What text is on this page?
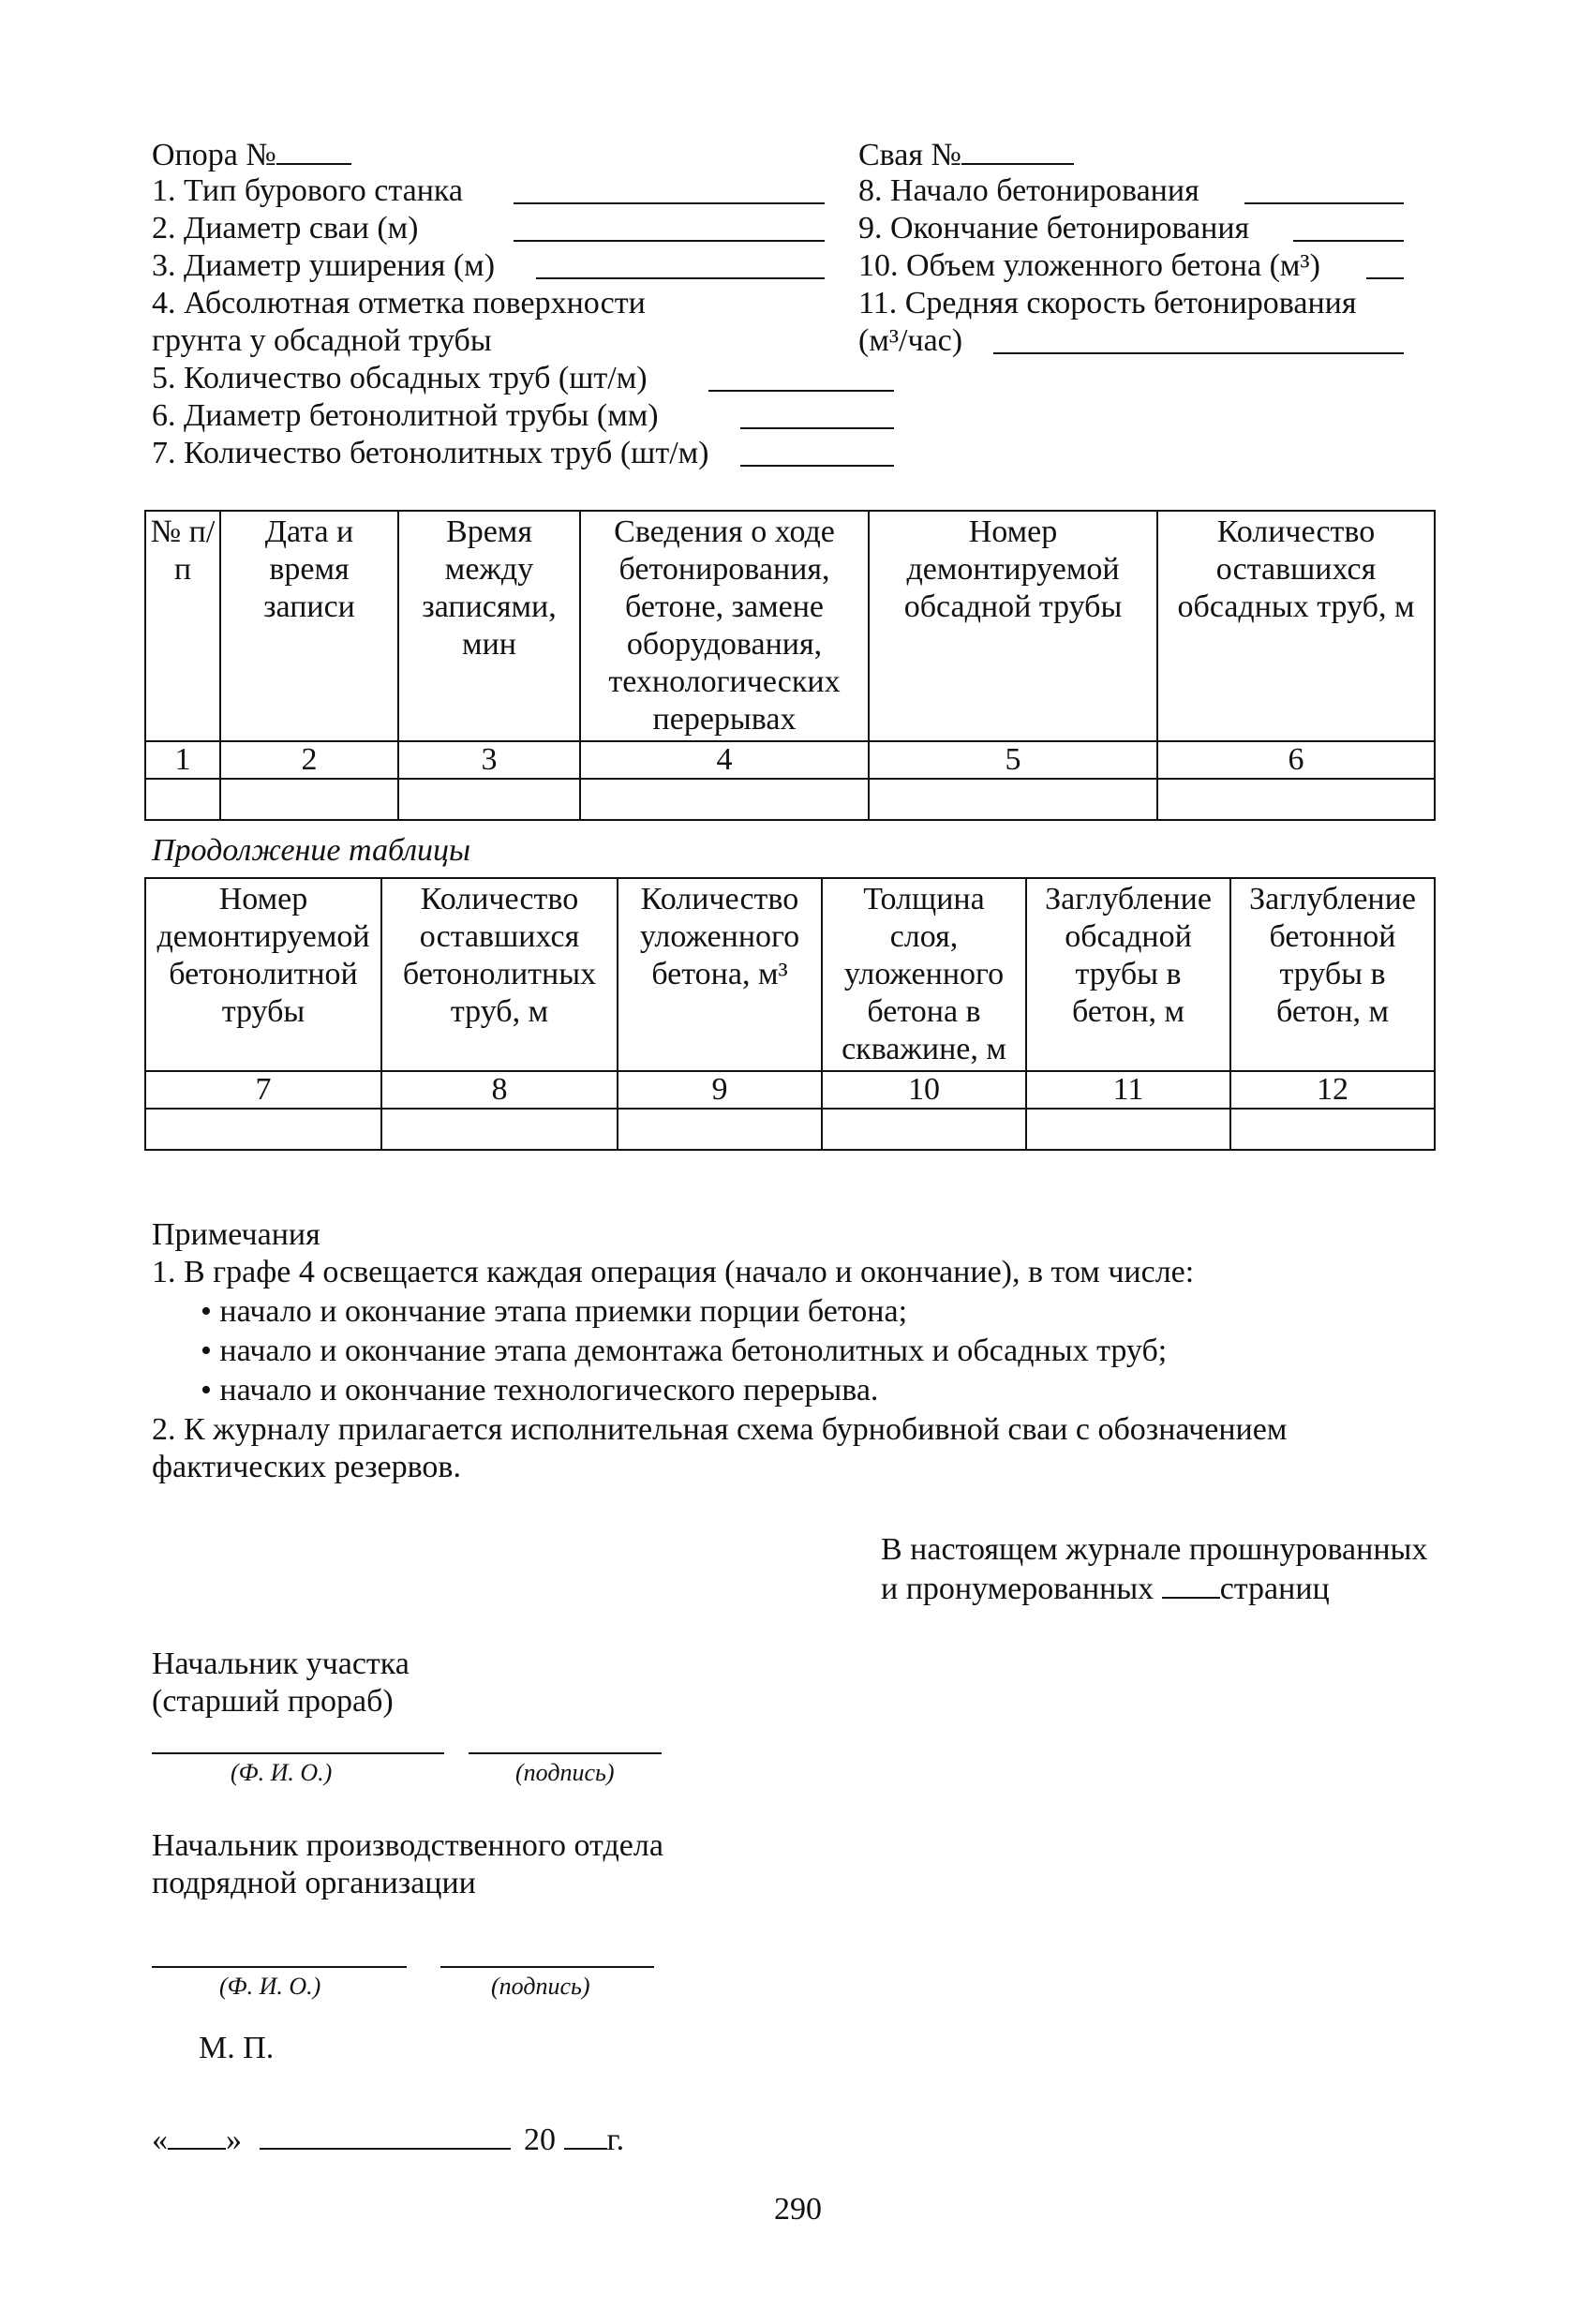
Опора №
1. Тип бурового станка
2. Диаметр сваи (м)
3. Диаметр уширения (м)
4. Абсолютная отметка поверхности
грунта у обсадной трубы
5. Количество обсадных труб (шт/м)
6. Диаметр бетонолитной трубы (мм)
7. Количество бетонолитных труб (шт/м)
Свая №
8. Начало бетонирования
9. Окончание бетонирования
10. Объем уложенного бетона (м³)
11. Средняя скорость бетонирования
(м³/час)
№ п/п	Дата и время записи	Время между записями, мин	Сведения о ходе бетонирования, бетоне, замене оборудования, технологических перерывах	Номер демонтируемой обсадной трубы	Количество оставшихся обсадных труб, м
1	2	3	4	5	6

Продолжение таблицы
Номер демонтируемой бетонолитной трубы	Количество оставшихся бетонолитных труб, м	Количество уложенного бетона, м³	Толщина слоя, уложенного бетона в скважине, м	Заглубление обсадной трубы в бетон, м	Заглубление бетонной трубы в бетон, м
7	8	9	10	11	12

Примечания
1. В графе 4 освещается каждая операция (начало и окончание), в том числе:
• начало и окончание этапа приемки порции бетона;
• начало и окончание этапа демонтажа бетонолитных и обсадных труб;
• начало и окончание технологического перерыва.
2. К журналу прилагается исполнительная схема бурнобивной сваи с обозначением
фактических резервов.
В настоящем журнале прошнурованных
и пронумерованных страниц
Начальник участка
(старший прораб)
(Ф. И. О.)	(подпись)
Начальник производственного отдела
подрядной организации
(Ф. И. О.)	(подпись)
М. П.
« »	20 г.
290
